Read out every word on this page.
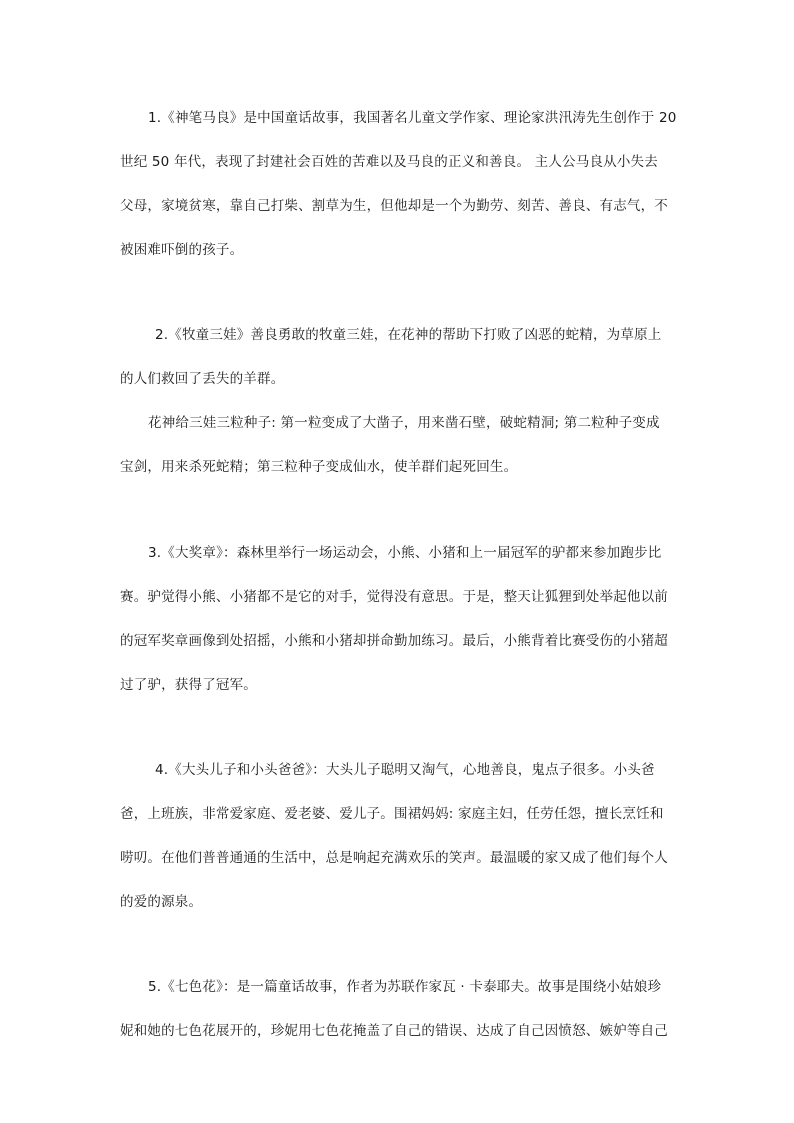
1.《神笔马良》是中国童话故事，我国著名儿童文学作家、理论家洪汛涛先生创作于 20
世纪 50 年代，表现了封建社会百姓的苦难以及马良的正义和善良。 主人公马良从小失去
父母，家境贫寒，靠自己打柴、割草为生，但他却是一个为勤劳、刻苦、善良、有志气，不
被困难吓倒的孩子。
2.《牧童三娃》善良勇敢的牧童三娃，在花神的帮助下打败了凶恶的蛇精，为草原上
的人们救回了丢失的羊群。
花神给三娃三粒种子: 第一粒变成了大凿子，用来凿石壁，破蛇精洞; 第二粒种子变成
宝剑，用来杀死蛇精；第三粒种子变成仙水，使羊群们起死回生。
3.《大奖章》：森林里举行一场运动会，小熊、小猪和上一届冠军的驴都来参加跑步比
赛。驴觉得小熊、小猪都不是它的对手，觉得没有意思。于是，整天让狐狸到处举起他以前
的冠军奖章画像到处招摇，小熊和小猪却拼命勤加练习。最后，小熊背着比赛受伤的小猪超
过了驴，获得了冠军。
4.《大头儿子和小头爸爸》：大头儿子聪明又淘气，心地善良，鬼点子很多。小头爸
爸，上班族，非常爱家庭、爱老婆、爱儿子。围裙妈妈: 家庭主妇，任劳任怨，擅长烹饪和
唠叨。在他们普普通通的生活中，总是响起充满欢乐的笑声。最温暖的家又成了他们每个人
的爱的源泉。
5.《七色花》：是一篇童话故事，作者为苏联作家瓦 · 卡泰耶夫。故事是围绕小姑娘珍
妮和她的七色花展开的，珍妮用七色花掩盖了自己的错误、达成了自己因愤怒、嫉妒等自己
